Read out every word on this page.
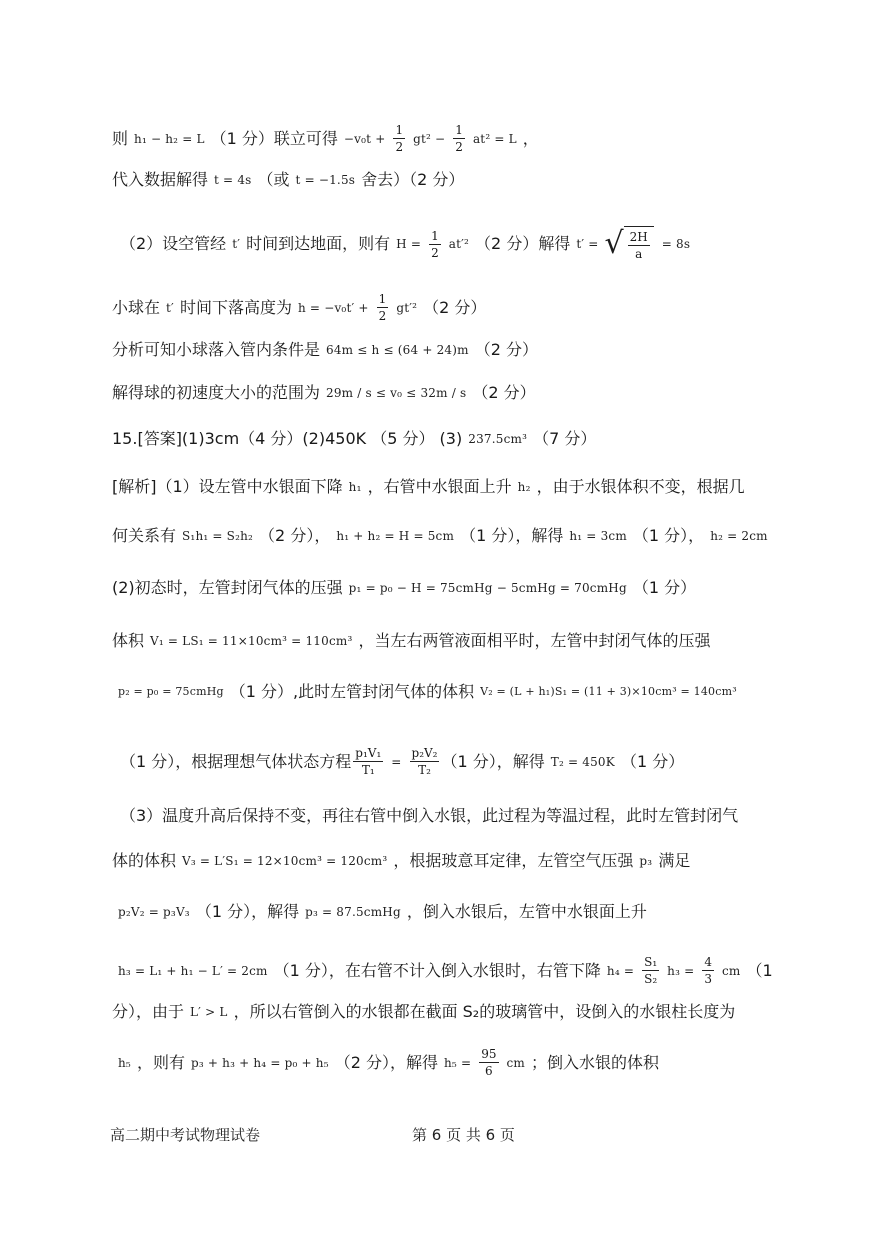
则 h₁ − h₂ = L （1 分）联立可得 $-v_0t + \frac{1}{2} gt^2 - \frac{1}{2} at^2 = L$ ，
代入数据解得 t = 4s （或 t = −1.5s 舍去）（2 分）
（2）设空管经 t′ 时间到达地面，则有 $H = \frac{1}{2} at'^2$ （2 分）解得 t′ = √ $\frac{2H}{a} = 8s$
小球在 t′ 时间下落高度为 $h = -v_0t' + \frac{1}{2} gt'^2$ （2 分）
分析可知小球落入管内条件是 64m ≤ h ≤ (64 + 24)m （2 分）
解得球的初速度大小的范围为 29m / s ≤ v₀ ≤ 32m / s （2 分）
15.[答案](1)3cm（4 分）(2)450K （5 分） (3) 237.5cm³ （7 分）
[解析]（1）设左管中水银面下降 h₁ ，右管中水银面上升 h₂ ，由于水银体积不变，根据几
何关系有 S₁h₁ = S₂h₂ （2 分）， h₁ + h₂ = H = 5cm （1 分），解得 h₁ = 3cm （1 分）， h₂ = 2cm
(2)初态时，左管封闭气体的压强 p₁ = p₀ − H = 75cmHg − 5cmHg = 70cmHg （1 分）
体积 V₁ = LS₁ = 11×10cm³ = 110cm³ ，当左右两管液面相平时，左管中封闭气体的压强
p₂ = p₀ = 75cmHg （1 分）,此时左管封闭气体的体积 V₂ = (L + h₁)S₁ = (11 + 3)×10cm³ = 140cm³
（1 分），根据理想气体状态方程 $\frac{\text{p₁V₁}}{\text{T₁}} = \frac{\text{p₂V₂}}{\text{T₂}} (1$ 分），解得 T₂ = 450K （1 分）
（3）温度升高后保持不变，再往右管中倒入水银，此过程为等温过程，此时左管封闭气
体的体积 V₃ = L′S₁ = 12×10cm³ = 120cm³ ，根据玻意耳定律，左管空气压强 p₃ 满足
p₂V₂ = p₃V₃ （1 分），解得 p₃ = 87.5cmHg ，倒入水银后，左管中水银面上升
h₃ = L₁ + h₁ − L′ = 2cm （1 分），在右管不计入倒入水银时，右管下降 $h_4 = \frac{\text{S₁}}{\text{S₂}} h_3 = \frac{4}{3}$ cm （1
分），由于 L′ > L ，所以右管倒入的水银都在截面 S₂的玻璃管中，设倒入的水银柱长度为
h₅ ，则有 p₃ + h₃ + h₄ = p₀ + h₅ （2 分），解得 $h_5 = \frac{95}{6}$ cm ；倒入水银的体积
高二期中考试物理试卷	第 6 页 共 6 页
